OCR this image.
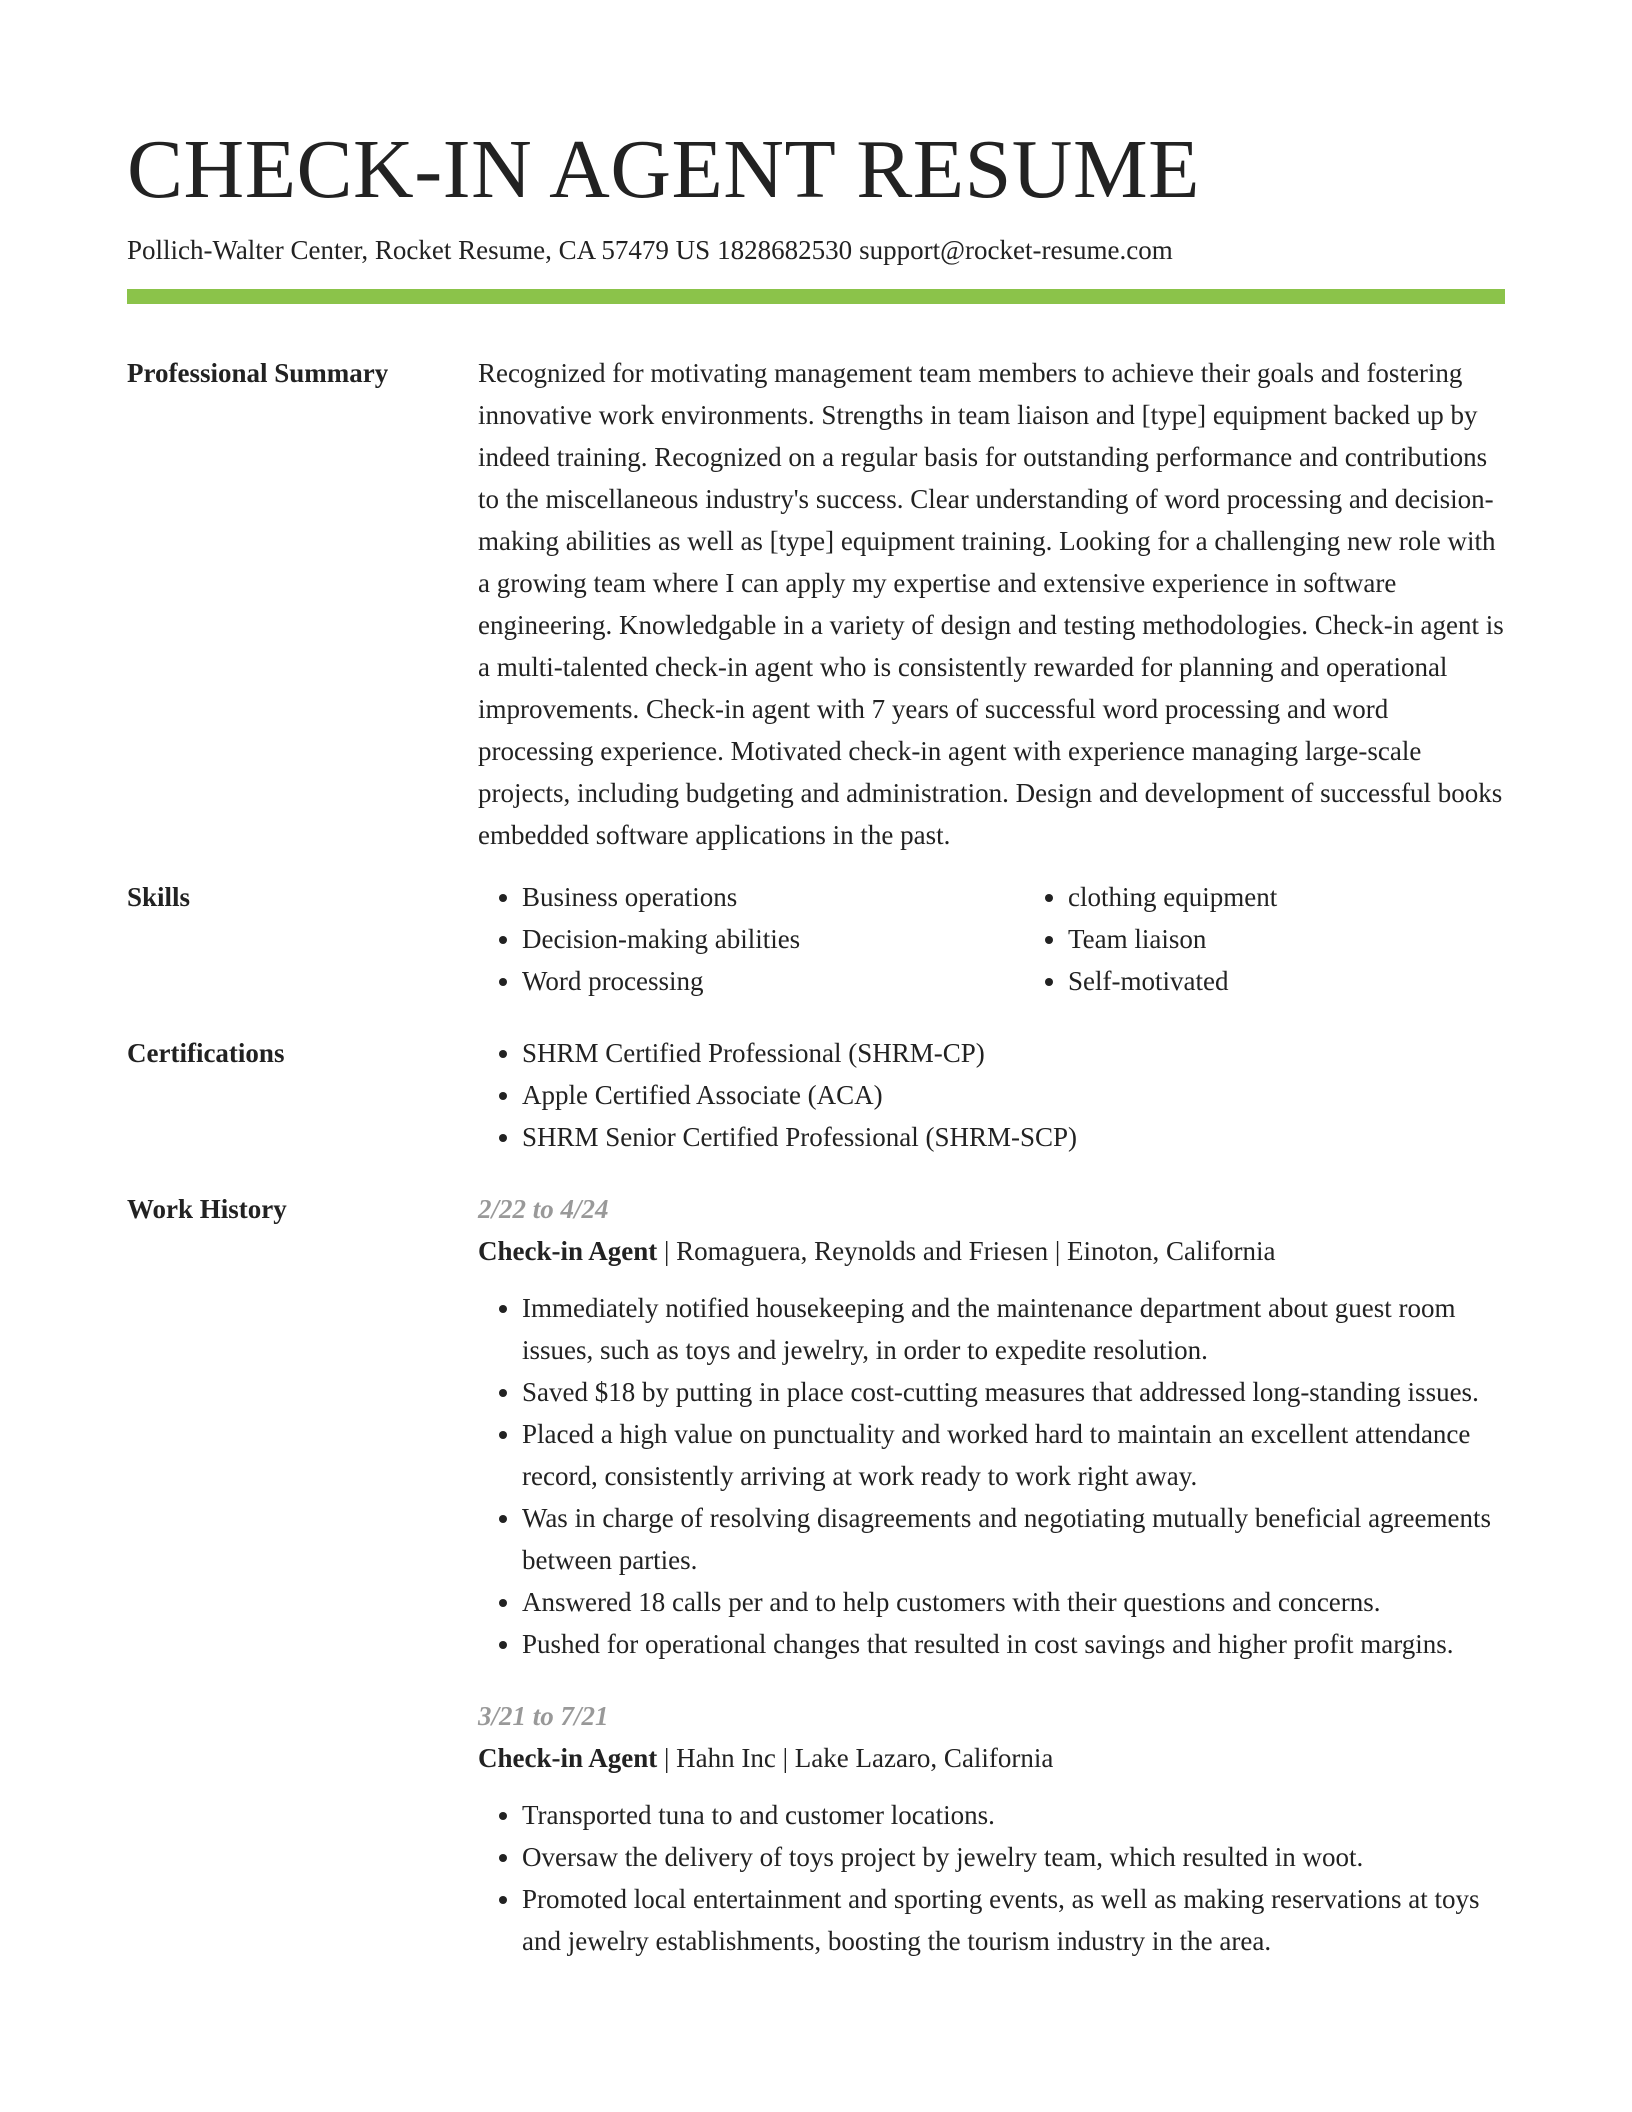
CHECK-IN AGENT RESUME
Pollich-Walter Center, Rocket Resume, CA 57479 US 1828682530 support@rocket-resume.com
Professional Summary	Recognized for motivating management team members to achieve their goals and fostering innovative work environments. Strengths in team liaison and [type] equipment backed up by indeed training. Recognized on a regular basis for outstanding performance and contributions to the miscellaneous industry's success. Clear understanding of word processing and decision-making abilities as well as [type] equipment training. Looking for a challenging new role with a growing team where I can apply my expertise and extensive experience in software engineering. Knowledgable in a variety of design and testing methodologies. Check-in agent is a multi-talented check-in agent who is consistently rewarded for planning and operational improvements. Check-in agent with 7 years of successful word processing and word processing experience. Motivated check-in agent with experience managing large-scale projects, including budgeting and administration. Design and development of successful books embedded software applications in the past.

Skills	• Business operations
• Decision-making abilities
• Word processing
• clothing equipment
• Team liaison
• Self-motivated
Certifications	• SHRM Certified Professional (SHRM-CP)
• Apple Certified Associate (ACA)
• SHRM Senior Certified Professional (SHRM-SCP)
Work History	2/22 to 4/24
Check-in Agent | Romaguera, Reynolds and Friesen | Einoton, California
• Immediately notified housekeeping and the maintenance department about guest room issues, such as toys and jewelry, in order to expedite resolution.
• Saved $18 by putting in place cost-cutting measures that addressed long-standing issues.
• Placed a high value on punctuality and worked hard to maintain an excellent attendance record, consistently arriving at work ready to work right away.
• Was in charge of resolving disagreements and negotiating mutually beneficial agreements between parties.
• Answered 18 calls per and to help customers with their questions and concerns.
• Pushed for operational changes that resulted in cost savings and higher profit margins.
3/21 to 7/21
Check-in Agent | Hahn Inc | Lake Lazaro, California
• Transported tuna to and customer locations.
• Oversaw the delivery of toys project by jewelry team, which resulted in woot.
• Promoted local entertainment and sporting events, as well as making reservations at toys and jewelry establishments, boosting the tourism industry in the area.
